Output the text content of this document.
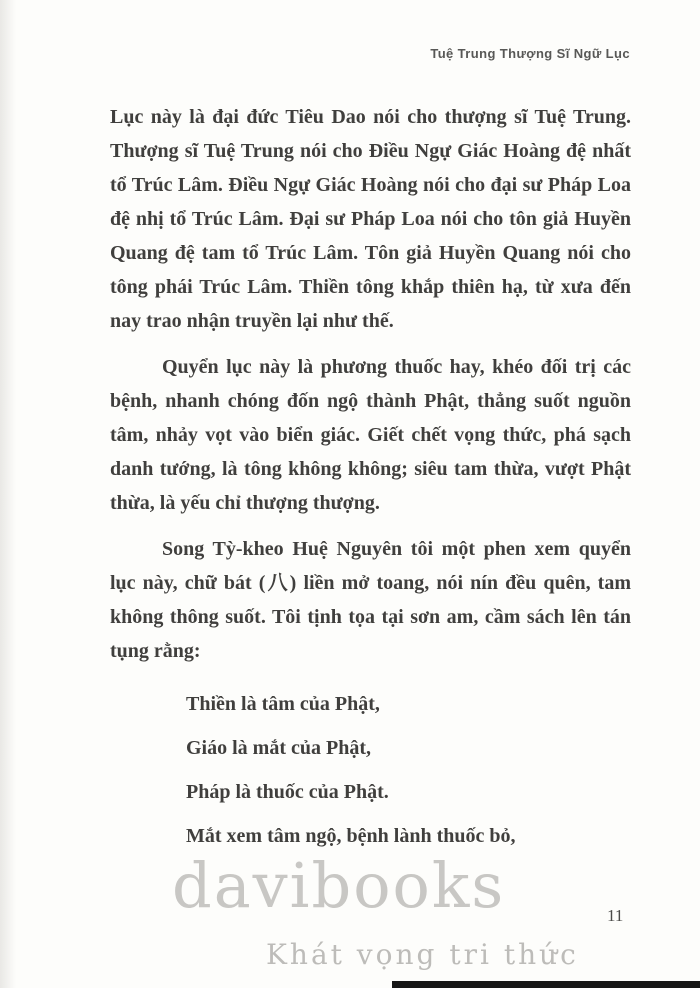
Tuệ Trung Thượng Sĩ Ngữ Lục
davibooks
Khát vọng tri thức

Lục này là đại đức Tiêu Dao nói cho thượng sĩ Tuệ Trung. Thượng sĩ Tuệ Trung nói cho Điều Ngự Giác Hoàng đệ nhất tổ Trúc Lâm. Điều Ngự Giác Hoàng nói cho đại sư Pháp Loa đệ nhị tổ Trúc Lâm. Đại sư Pháp Loa nói cho tôn giả Huyền Quang đệ tam tổ Trúc Lâm. Tôn giả Huyền Quang nói cho tông phái Trúc Lâm. Thiền tông khắp thiên hạ, từ xưa đến nay trao nhận truyền lại như thế.

Quyển lục này là phương thuốc hay, khéo đối trị các bệnh, nhanh chóng đốn ngộ thành Phật, thẳng suốt nguồn tâm, nhảy vọt vào biển giác. Giết chết vọng thức, phá sạch danh tướng, là tông không không; siêu tam thừa, vượt Phật thừa, là yếu chỉ thượng thượng.

Song Tỳ-kheo Huệ Nguyên tôi một phen xem quyển lục này, chữ bát (八) liền mở toang, nói nín đều quên, tam không thông suốt. Tôi tịnh tọa tại sơn am, cầm sách lên tán tụng rằng:

Thiền là tâm của Phật,

Giáo là mắt của Phật,

Pháp là thuốc của Phật.

Mắt xem tâm ngộ, bệnh lành thuốc bỏ,

11
